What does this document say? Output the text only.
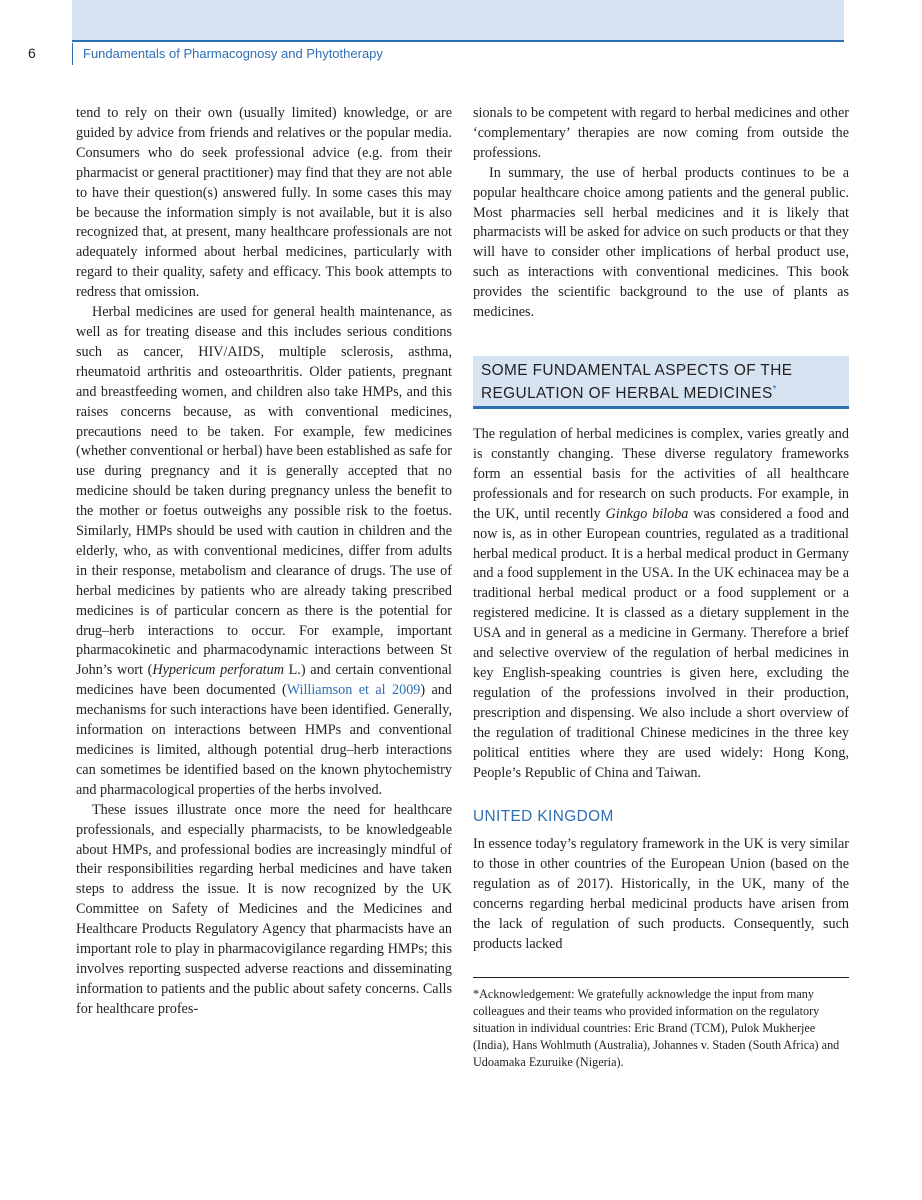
6	Fundamentals of Pharmacognosy and Phytotherapy

tend to rely on their own (usually limited) knowledge, or are guided by advice from friends and relatives or the popular media. Consumers who do seek professional advice (e.g. from their pharmacist or general practitioner) may find that they are not able to have their question(s) answered fully. In some cases this may be because the information simply is not available, but it is also recognized that, at present, many healthcare professionals are not adequately informed about herbal medicines, particularly with regard to their quality, safety and efficacy. This book attempts to redress that omission.

Herbal medicines are used for general health maintenance, as well as for treating disease and this includes serious conditions such as cancer, HIV/AIDS, multiple sclerosis, asthma, rheumatoid arthritis and osteoarthritis. Older patients, pregnant and breastfeeding women, and children also take HMPs, and this raises concerns because, as with conventional medicines, precautions need to be taken. For example, few medicines (whether conventional or herbal) have been established as safe for use during pregnancy and it is generally accepted that no medicine should be taken during pregnancy unless the benefit to the mother or foetus outweighs any possible risk to the foetus. Similarly, HMPs should be used with caution in children and the elderly, who, as with conventional medicines, differ from adults in their response, metabolism and clearance of drugs. The use of herbal medicines by patients who are already taking prescribed medicines is of particular concern as there is the potential for drug–herb interactions to occur. For example, important pharmacokinetic and pharmacodynamic interactions between St John’s wort (Hypericum perforatum L.) and certain conventional medicines have been documented (Williamson et al 2009) and mechanisms for such interactions have been identified. Generally, information on interactions between HMPs and conventional medicines is limited, although potential drug–herb interactions can sometimes be identified based on the known phytochemistry and pharmacological properties of the herbs involved.

These issues illustrate once more the need for healthcare professionals, and especially pharmacists, to be knowledgeable about HMPs, and professional bodies are increasingly mindful of their responsibilities regarding herbal medicines and have taken steps to address the issue. It is now recognized by the UK Committee on Safety of Medicines and the Medicines and Healthcare Products Regulatory Agency that pharmacists have an important role to play in pharmacovigilance regarding HMPs; this involves reporting suspected adverse reactions and disseminating information to patients and the public about safety concerns. Calls for healthcare profes-

sionals to be competent with regard to herbal medicines and other ‘complementary’ therapies are now coming from outside the professions.

In summary, the use of herbal products continues to be a popular healthcare choice among patients and the general public. Most pharmacies sell herbal medicines and it is likely that pharmacists will be asked for advice on such products or that they will have to consider other implications of herbal product use, such as interactions with conventional medicines. This book provides the scientific background to the use of plants as medicines.

SOME FUNDAMENTAL ASPECTS OF THE REGULATION OF HERBAL MEDICINES*

The regulation of herbal medicines is complex, varies greatly and is constantly changing. These diverse regulatory frameworks form an essential basis for the activities of all healthcare professionals and for research on such products. For example, in the UK, until recently Ginkgo biloba was considered a food and now is, as in other European countries, regulated as a traditional herbal medical product. It is a herbal medical product in Germany and a food supplement in the USA. In the UK echinacea may be a traditional herbal medical product or a food supplement or a registered medicine. It is classed as a dietary supplement in the USA and in general as a medicine in Germany. Therefore a brief and selective overview of the regulation of herbal medicines in key English-speaking countries is given here, excluding the regulation of the professions involved in their production, prescription and dispensing. We also include a short overview of the regulation of traditional Chinese medicines in the three key political entities where they are used widely: Hong Kong, People’s Republic of China and Taiwan.

UNITED KINGDOM

In essence today’s regulatory framework in the UK is very similar to those in other countries of the European Union (based on the regulation as of 2017). Historically, in the UK, many of the concerns regarding herbal medicinal products have arisen from the lack of regulation of such products. Consequently, such products lacked

*Acknowledgement: We gratefully acknowledge the input from many colleagues and their teams who provided information on the regulatory situation in individual countries: Eric Brand (TCM), Pulok Mukherjee (India), Hans Wohlmuth (Australia), Johannes v. Staden (South Africa) and Udoamaka Ezuruike (Nigeria).
